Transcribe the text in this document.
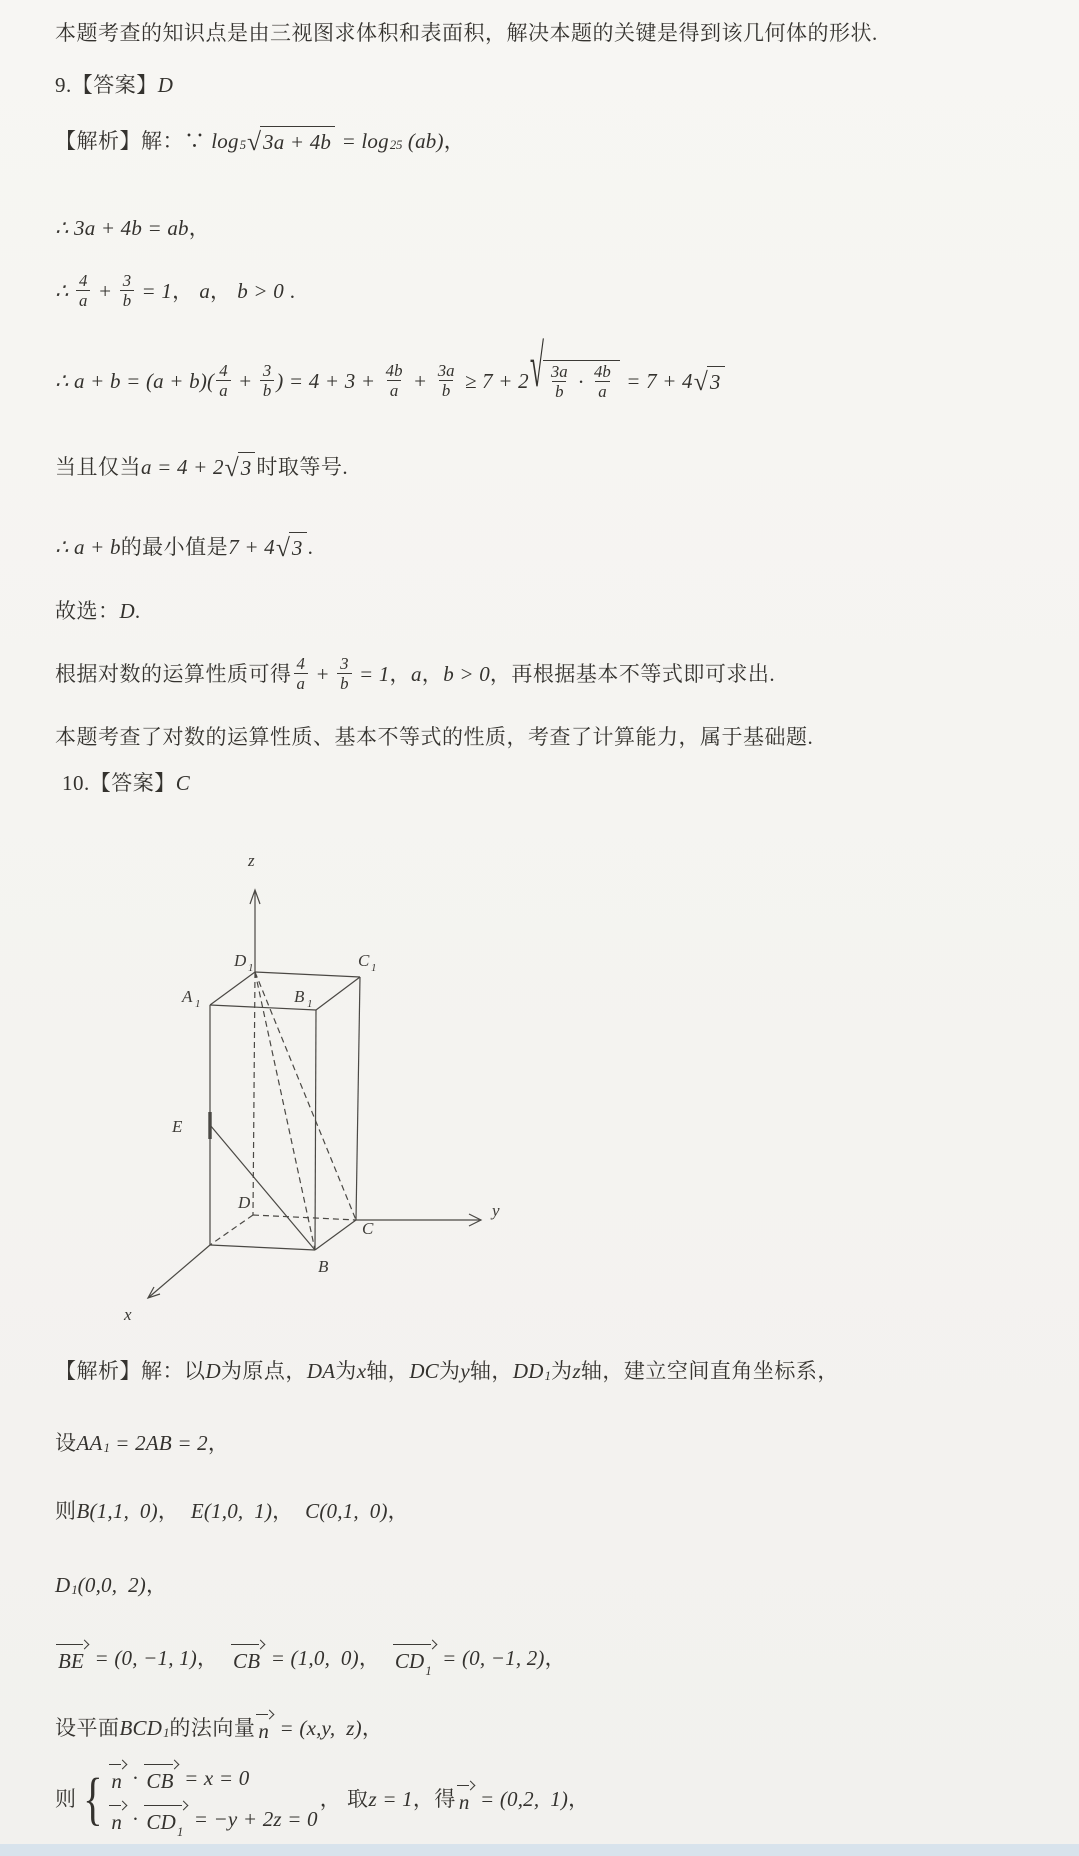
本题考查的知识点是由三视图求体积和表面积，解决本题的关键是得到该几何体的形状.
9.【答案】 D
【解析】解：∵ log 5 √ 3a + 4b = log 25 (ab) ，
∴ 3a + 4b = ab ，
∴ $\frac{4}{a} + \frac{3}{b} = 1$ ， a ， b > 0 .
∴ $a + b = (a + b)( \frac{4}{a} + \frac{3}{b}$ ) = $4 + 3 + \frac{4b}{a} + \frac{3a}{b} \ge 7 + 2$ √ $\frac{3a}{b} \cdot \frac{4b}{a} = 7 + 4$ √ 3
当且仅当 a = 4 + 2 √ 3 时取等号.
∴ a + b 的最小值是 7 + 4 √ 3 .
故选： D .
根据对数的运算性质可得 $\frac{4}{a} + \frac{3}{b} = 1$ ， a ， b > 0 ，再根据基本不等式即可求出.
本题考查了对数的运算性质、基本不等式的性质，考查了计算能力，属于基础题.
10.【答案】 C
【解析】解：以 D 为原点， DA 为 x 轴， DC 为 y 轴， DD 1 为 z 轴，建立空间直角坐标系，
设 AA 1 = 2AB = 2 ，
则 B(1,1,  0) ， E(1,0,  1) ， C(0,1,  0) ，
D 1 (0,0,  2) ，
BE = (0, −1, 1) ， CB = (1,0,  0) ， CD 1
= (0, −1, 2) ，
设平面 BCD 1 的法向量 n = (x,y,  z) ，
则 { n · CB = x = 0
n · CD 1
= −y + 2z = 0
， 取 z = 1 ，得 n = (0,2,  1) ，
z
y
x
D 1	C 1
A 1	B 1
E
D
C
B
